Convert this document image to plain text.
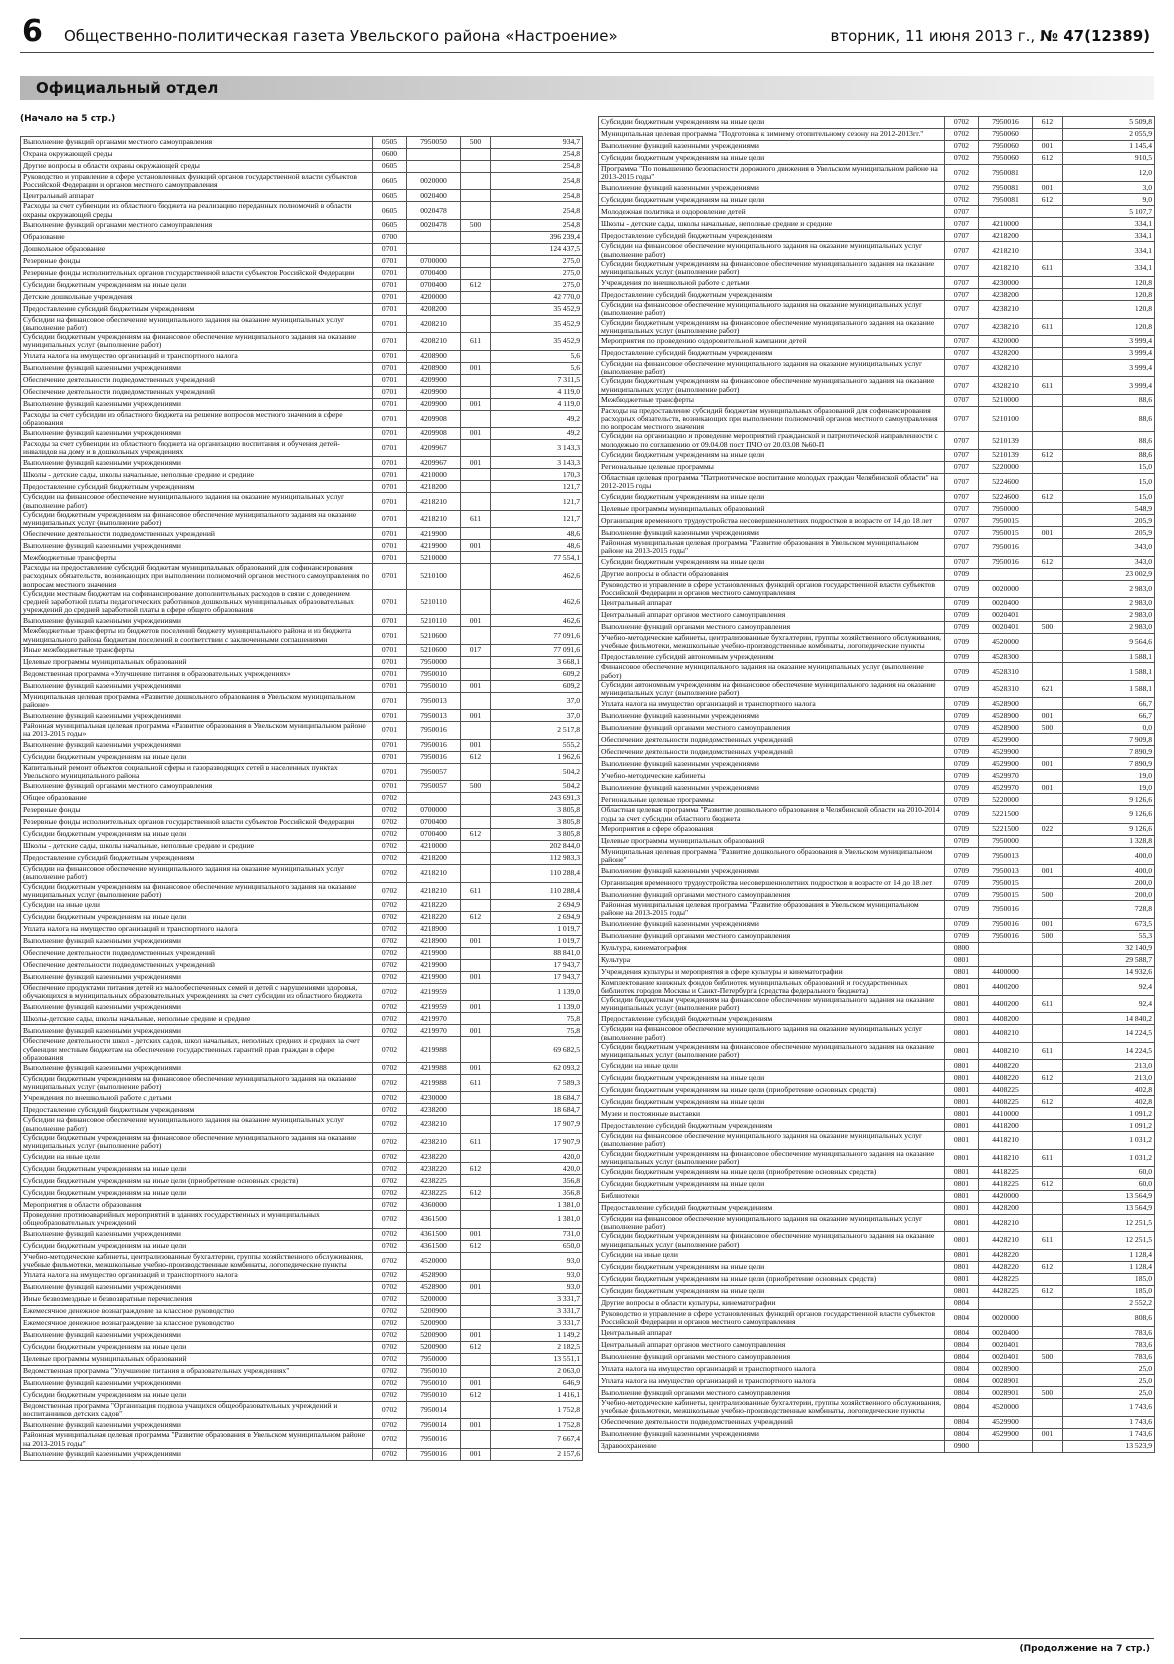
6 Общественно-политическая газета Увельского района «Настроение»	вторник, 11 июня 2013 г., № 47(12389)
Официальный отдел
(Начало на 5 стр.)
Выполнение функций органами местного самоуправления	0505	7950050	500	934,7
Охрана окружающей среды	0600			254,8
Другие вопросы в области охраны окружающей среды	0605			254,8
Руководство и управление в сфере установленных функций органов государственной власти субъектов Российской Федерации и органов местного самоуправления	0605	0020000		254,8
Центральный аппарат	0605	0020400		254,8
Расходы за счет субвенции из областного бюджета на реализацию переданных полномочий в области охраны окружающей среды	0605	0020478		254,8
Выполнение функций органами местного самоуправления	0605	0020478	500	254,8
Образование	0700			396 239,4
Дошкольное образование	0701			124 437,5
Резервные фонды	0701	0700000		275,0
Резервные фонды исполнительных органов государственной власти субъектов Российской Федерации	0701	0700400		275,0
Субсидии бюджетным учреждениям на иные цели	0701	0700400	612	275,0
Детские дошкольные учреждения	0701	4200000		42 770,0
Предоставление субсидий бюджетным учреждениям	0701	4208200		35 452,9
Субсидии на финансовое обеспечение муниципального задания на оказание муниципальных услуг (выполнение работ)	0701	4208210		35 452,9
Субсидии бюджетным учреждениям на финансовое обеспечение муниципального задания на оказание муниципальных услуг (выполнение работ)	0701	4208210	611	35 452,9
Уплата налога на имущество организаций и транспортного налога	0701	4208900		5,6
Выполнение функций казенными учреждениями	0701	4208900	001	5,6
Обеспечение деятельности подведомственных учреждений	0701	4209900		7 311,5
Обеспечение деятельности подведомственных учреждений	0701	4209900		4 119,0
Выполнение функций казенными учреждениями	0701	4209900	001	4 119,0
Расходы за счет субсидии из областного бюджета на решение вопросов местного значения в сфере образования	0701	4209908		49,2
Выполнение функций казенными учреждениями	0701	4209908	001	49,2
Расходы за счет субвенции из областного бюджета на организацию воспитания и обучения детей-инвалидов на дому и в дошкольных учреждениях	0701	4209967		3 143,3
Выполнение функций казенными учреждениями	0701	4209967	001	3 143,3
Школы - детские сады, школы начальные, неполные средние и средние	0701	4210000		170,3
Предоставление субсидий бюджетным учреждениям	0701	4218200		121,7
Субсидии на финансовое обеспечение муниципального задания на оказание муниципальных услуг (выполнение работ)	0701	4218210		121,7
Субсидии бюджетным учреждениям на финансовое обеспечение муниципального задания на оказание муниципальных услуг (выполнение работ)	0701	4218210	611	121,7
Обеспечение деятельности подведомственных учреждений	0701	4219900		48,6
Выполнение функций казенными учреждениями	0701	4219900	001	48,6
Межбюджетные трансферты	0701	5210000		77 554,1
Расходы на предоставление субсидий бюджетам муниципальных образований для софинансирования расходных обязательств, возникающих при выполнении полномочий органов местного самоуправления по вопросам местного значения	0701	5210100		462,6
Субсидии местным бюджетам на софинансирование дополнительных расходов в связи с доведением средней заработной платы педагогических работников дошкольных муниципальных образовательных учреждений до средней заработной платы в сфере общего образования	0701	5210110		462,6
Выполнение функций казенными учреждениями	0701	5210110	001	462,6
Межбюджетные трансферты из бюджетов поселений бюджету муниципального района и из бюджета муниципального района бюджетам поселений в соответствии с заключенными соглашениями	0701	5210600		77 091,6
Иные межбюджетные трансферты	0701	5210600	017	77 091,6
Целевые программы муниципальных образований	0701	7950000		3 668,1
Ведомственная программа «Улучшение питания в образовательных учреждениях»	0701	7950010		609,2
Выполнение функций казенными учреждениями	0701	7950010	001	609,2
Муниципальная целевая программа «Развитие дошкольного образования в Увельском муниципальном районе»	0701	7950013		37,0
Выполнение функций казенными учреждениями	0701	7950013	001	37,0
Районная муниципальная целевая программа «Развитие образования в Увельском муниципальном районе на 2013-2015 годы»	0701	7950016		2 517,8
Выполнение функций казенными учреждениями	0701	7950016	001	555,2
Субсидии бюджетным учреждениям на иные цели	0701	7950016	612	1 962,6
Капитальный ремонт объектов социальной сферы и газоразводящих сетей в населенных пунктах Увельского муниципального района	0701	7950057		504,2
Выполнение функций органами местного самоуправления	0701	7950057	500	504,2
Общее образование	0702			243 691,3
Резервные фонды	0702	0700000		3 805,8
Резервные фонды исполнительных органов государственной власти субъектов Российской Федерации	0702	0700400		3 805,8
Субсидии бюджетным учреждениям на иные цели	0702	0700400	612	3 805,8
Школы - детские сады, школы начальные, неполные средние и средние	0702	4210000		202 844,0
Предоставление субсидий бюджетным учреждениям	0702	4218200		112 983,3
Субсидии на финансовое обеспечение муниципального задания на оказание муниципальных услуг (выполнение работ)	0702	4218210		110 288,4
Субсидии бюджетным учреждениям на финансовое обеспечение муниципального задания на оказание муниципальных услуг (выполнение работ)	0702	4218210	611	110 288,4
Субсидии на иные цели	0702	4218220		2 694,9
Субсидии бюджетным учреждениям на иные цели	0702	4218220	612	2 694,9
Уплата налога на имущество организаций и транспортного налога	0702	4218900		1 019,7
Выполнение функций казенными учреждениями	0702	4218900	001	1 019,7
Обеспечение деятельности подведомственных учреждений	0702	4219900		88 841,0
Обеспечение деятельности подведомственных учреждений	0702	4219900		17 943,7
Выполнение функций казенными учреждениями	0702	4219900	001	17 943,7
Обеспечение продуктами питания детей из малообеспеченных семей и детей с нарушениями здоровья, обучающихся в муниципальных образовательных учреждениях за счет субсидии из областного бюджета	0702	4219959		1 139,0
Выполнение функций казенными учреждениями	0702	4219959	001	1 139,0
Школы-детские сады, школы начальные, неполные средние и средние	0702	4219970		75,8
Выполнение функций казенными учреждениями	0702	4219970	001	75,8
Обеспечение деятельности школ - детских садов, школ начальных, неполных средних и средних за счет субвенции местным бюджетам на обеспечение государственных гарантий прав граждан в сфере образования	0702	4219988		69 682,5
Выполнение функций казенными учреждениями	0702	4219988	001	62 093,2
Субсидии бюджетным учреждениям на финансовое обеспечение муниципального задания на оказание муниципальных услуг (выполнение работ)	0702	4219988	611	7 589,3
Учреждения по внешкольной работе с детьми	0702	4230000		18 684,7
Предоставление субсидий бюджетным учреждениям	0702	4238200		18 684,7
Субсидии на финансовое обеспечение муниципального задания на оказание муниципальных услуг (выполнение работ)	0702	4238210		17 907,9
Субсидии бюджетным учреждениям на финансовое обеспечение муниципального задания на оказание муниципальных услуг (выполнение работ)	0702	4238210	611	17 907,9
Субсидии на иные цели	0702	4238220		420,0
Субсидии бюджетным учреждениям на иные цели	0702	4238220	612	420,0
Субсидии бюджетным учреждениям на иные цели (приобретение основных средств)	0702	4238225		356,8
Субсидии бюджетным учреждениям на иные цели	0702	4238225	612	356,8
Мероприятия в области образования	0702	4360000		1 381,0
Проведение противоаварийных мероприятий в зданиях государственных и муниципальных общеобразовательных учреждений	0702	4361500		1 381,0
Выполнение функций казенными учреждениями	0702	4361500	001	731,0
Субсидии бюджетным учреждениям на иные цели	0702	4361500	612	650,0
Учебно-методические кабинеты, централизованные бухгалтерии, группы хозяйственного обслуживания, учебные фильмотеки, межшкольные учебно-производственные комбинаты, логопедические пункты	0702	4520000		93,0
Уплата налога на имущество организаций и транспортного налога	0702	4528900		93,0
Выполнение функций казенными учреждениями	0702	4528900	001	93,0
Иные безвозмездные и безвозвратные перечисления	0702	5200000		3 331,7
Ежемесячное денежное вознаграждение за классное руководство	0702	5200900		3 331,7
Ежемесячное денежное вознаграждение за классное руководство	0702	5200900		3 331,7
Выполнение функций казенными учреждениями	0702	5200900	001	1 149,2
Субсидии бюджетным учреждениям на иные цели	0702	5200900	612	2 182,5
Целевые программы муниципальных образований	0702	7950000		13 551,1
Ведомственная программа "Улучшение питания в образовательных учреждениях"	0702	7950010		2 063,0
Выполнение функций казенными учреждениями	0702	7950010	001	646,9
Субсидии бюджетным учреждениям на иные цели	0702	7950010	612	1 416,1
Ведомственная программа "Организация подвоза учащихся общеобразовательных учреждений и воспитанников детских садов"	0702	7950014		1 752,8
Выполнение функций казенными учреждениями	0702	7950014	001	1 752,8
Районная муниципальная целевая программа "Развитие образования в Увельском муниципальном районе на 2013-2015 годы"	0702	7950016		7 667,4
Выполнение функций казенными учреждениями	0702	7950016	001	2 157,6
Субсидии бюджетным учреждениям на иные цели	0702	7950016	612	5 509,8
Муниципальная целевая программа "Подготовка к зимнему отопительному сезону на 2012-2013гг."	0702	7950060		2 055,9
Выполнение функций казенными учреждениями	0702	7950060	001	1 145,4
Субсидии бюджетным учреждениям на иные цели	0702	7950060	612	910,5
Программа "По повышению безопасности дорожного движения в Увельском муниципальном районе на 2013-2015 годы"	0702	7950081		12,0
Выполнение функций казенными учреждениями	0702	7950081	001	3,0
Субсидии бюджетным учреждениям на иные цели	0702	7950081	612	9,0
Молодежная политика и оздоровление детей	0707			5 107,7
Школы - детские сады, школы начальные, неполные средние и средние	0707	4210000		334,1
Предоставление субсидий бюджетным учреждениям	0707	4218200		334,1
Субсидии на финансовое обеспечение муниципального задания на оказание муниципальных услуг (выполнение работ)	0707	4218210		334,1
Субсидии бюджетным учреждениям на финансовое обеспечение муниципального задания на оказание муниципальных услуг (выполнение работ)	0707	4218210	611	334,1
Учреждения по внешкольной работе с детьми	0707	4230000		120,8
Предоставление субсидий бюджетным учреждениям	0707	4238200		120,8
Субсидии на финансовое обеспечение муниципального задания на оказание муниципальных услуг (выполнение работ)	0707	4238210		120,8
Субсидии бюджетным учреждениям на финансовое обеспечение муниципального задания на оказание муниципальных услуг (выполнение работ)	0707	4238210	611	120,8
Мероприятия по проведению оздоровительной кампании детей	0707	4320000		3 999,4
Предоставление субсидий бюджетным учреждениям	0707	4328200		3 999,4
Субсидии на финансовое обеспечение муниципального задания на оказание муниципальных услуг (выполнение работ)	0707	4328210		3 999,4
Субсидии бюджетным учреждениям на финансовое обеспечение муниципального задания на оказание муниципальных услуг (выполнение работ)	0707	4328210	611	3 999,4
Межбюджетные трансферты	0707	5210000		88,6
Расходы на предоставление субсидий бюджетам муниципальных образований для софинансирования расходных обязательств, возникающих при выполнении полномочий органов местного самоуправления по вопросам местного значения	0707	5210100		88,6
Субсидии на организацию и проведение мероприятий гражданской и патриотической направленности с молодежью по соглашению от 09.04.08 пост ПЧО от 20.03.08 №60-П	0707	5210139		88,6
Субсидии бюджетным учреждениям на иные цели	0707	5210139	612	88,6
Региональные целевые программы	0707	5220000		15,0
Областная целевая программа "Патриотическое воспитание молодых граждан Челябинской области" на 2012-2015 годы	0707	5224600		15,0
Субсидии бюджетным учреждениям на иные цели	0707	5224600	612	15,0
Целевые программы муниципальных образований	0707	7950000		548,9
Организация временного трудоустройства несовершеннолетних подростков в возрасте от 14 до 18 лет	0707	7950015		205,9
Выполнение функций казенными учреждениями	0707	7950015	001	205,9
Районная муниципальная целевая программа "Развитие образования в Увельском муниципальном районе на 2013-2015 годы"	0707	7950016		343,0
Субсидии бюджетным учреждениям на иные цели	0707	7950016	612	343,0
Другие вопросы в области образования	0709			23 002,9
Руководство и управление в сфере установленных функций органов государственной власти субъектов Российской Федерации и органов местного самоуправления	0709	0020000		2 983,0
Центральный аппарат	0709	0020400		2 983,0
Центральный аппарат органов местного самоуправления	0709	0020401		2 983,0
Выполнение функций органами местного самоуправления	0709	0020401	500	2 983,0
Учебно-методические кабинеты, централизованные бухгалтерии, группы хозяйственного обслуживания, учебные фильмотеки, межшкольные учебно-производственные комбинаты, логопедические пункты	0709	4520000		9 564,6
Предоставление субсидий автономным учреждениям	0709	4528300		1 588,1
Финансовое обеспечение муниципального задания на оказание муниципальных услуг (выполнение работ)	0709	4528310		1 588,1
Субсидии автономным учреждениям на финансовое обеспечение муниципального задания на оказание муниципальных услуг (выполнение работ)	0709	4528310	621	1 588,1
Уплата налога на имущество организаций и транспортного налога	0709	4528900		66,7
Выполнение функций казенными учреждениями	0709	4528900	001	66,7
Выполнение функций органами местного самоуправления	0709	4528900	500	0,0
Обеспечение деятельности подведомственных учреждений	0709	4529900		7 909,8
Обеспечение деятельности подведомственных учреждений	0709	4529900		7 890,9
Выполнение функций казенными учреждениями	0709	4529900	001	7 890,9
Учебно-методические кабинеты	0709	4529970		19,0
Выполнение функций казенными учреждениями	0709	4529970	001	19,0
Региональные целевые программы	0709	5220000		9 126,6
Областная целевая программа "Развитие дошкольного образования в Челябинской области на 2010-2014 годы за счет субсидии областного бюджета	0709	5221500		9 126,6
Мероприятия в сфере образования	0709	5221500	022	9 126,6
Целевые программы муниципальных образований	0709	7950000		1 328,8
Муниципальная целевая программа "Развитие дошкольного образования в Увельском муниципальном районе"	0709	7950013		400,0
Выполнение функций казенными учреждениями	0709	7950013	001	400,0
Организация временного трудоустройства несовершеннолетних подростков в возрасте от 14 до 18 лет	0709	7950015		200,0
Выполнение функций органами местного самоуправления	0709	7950015	500	200,0
Районная муниципальная целевая программа "Развитие образования в Увельском муниципальном районе на 2013-2015 годы"	0709	7950016		728,8
Выполнение функций казенными учреждениями	0709	7950016	001	673,5
Выполнение функций органами местного самоуправления	0709	7950016	500	55,3
Культура, кинематография	0800			32 140,9
Культура	0801			29 588,7
Учреждения культуры и мероприятия в сфере культуры и кинематографии	0801	4400000		14 932,6
Комплектование книжных фондов библиотек муниципальных образований и государственных библиотек городов Москвы и Санкт-Петербурга (средства федерального бюджета)	0801	4400200		92,4
Субсидии бюджетным учреждениям на финансовое обеспечение муниципального задания на оказание муниципальных услуг (выполнение работ)	0801	4400200	611	92,4
Предоставление субсидий бюджетным учреждениям	0801	4408200		14 840,2
Субсидии на финансовое обеспечение муниципального задания на оказание муниципальных услуг (выполнение работ)	0801	4408210		14 224,5
Субсидии бюджетным учреждениям на финансовое обеспечение муниципального задания на оказание муниципальных услуг (выполнение работ)	0801	4408210	611	14 224,5
Субсидии на иные цели	0801	4408220		213,0
Субсидии бюджетным учреждениям на иные цели	0801	4408220	612	213,0
Субсидии бюджетным учреждениям на иные цели (приобретение основных средств)	0801	4408225		402,8
Субсидии бюджетным учреждениям на иные цели	0801	4408225	612	402,8
Музеи и постоянные выставки	0801	4410000		1 091,2
Предоставление субсидий бюджетным учреждениям	0801	4418200		1 091,2
Субсидии на финансовое обеспечение муниципального задания на оказание муниципальных услуг (выполнение работ)	0801	4418210		1 031,2
Субсидии бюджетным учреждениям на финансовое обеспечение муниципального задания на оказание муниципальных услуг (выполнение работ)	0801	4418210	611	1 031,2
Субсидии бюджетным учреждениям на иные цели (приобретение основных средств)	0801	4418225		60,0
Субсидии бюджетным учреждениям на иные цели	0801	4418225	612	60,0
Библиотеки	0801	4420000		13 564,9
Предоставление субсидий бюджетным учреждениям	0801	4428200		13 564,9
Субсидии на финансовое обеспечение муниципального задания на оказание муниципальных услуг (выполнение работ)	0801	4428210		12 251,5
Субсидии бюджетным учреждениям на финансовое обеспечение муниципального задания на оказание муниципальных услуг (выполнение работ)	0801	4428210	611	12 251,5
Субсидии на иные цели	0801	4428220		1 128,4
Субсидии бюджетным учреждениям на иные цели	0801	4428220	612	1 128,4
Субсидии бюджетным учреждениям на иные цели (приобретение основных средств)	0801	4428225		185,0
Субсидии бюджетным учреждениям на иные цели	0801	4428225	612	185,0
Другие вопросы в области культуры, кинематографии	0804			2 552,2
Руководство и управление в сфере установленных функций органов государственной власти субъектов Российской Федерации и органов местного самоуправления	0804	0020000		808,6
Центральный аппарат	0804	0020400		783,6
Центральный аппарат органов местного самоуправления	0804	0020401		783,6
Выполнение функций органами местного самоуправления	0804	0020401	500	783,6
Уплата налога на имущество организаций и транспортного налога	0804	0028900		25,0
Уплата налога на имущество организаций и транспортного налога	0804	0028901		25,0
Выполнение функций органами местного самоуправления	0804	0028901	500	25,0
Учебно-методические кабинеты, централизованные бухгалтерии, группы хозяйственного обслуживания, учебные фильмотеки, межшкольные учебно-производственные комбинаты, логопедические пункты	0804	4520000		1 743,6
Обеспечение деятельности подведомственных учреждений	0804	4529900		1 743,6
Выполнение функций казенными учреждениями	0804	4529900	001	1 743,6
Здравоохранение	0900			13 523,9
(Продолжение на 7 стр.)
